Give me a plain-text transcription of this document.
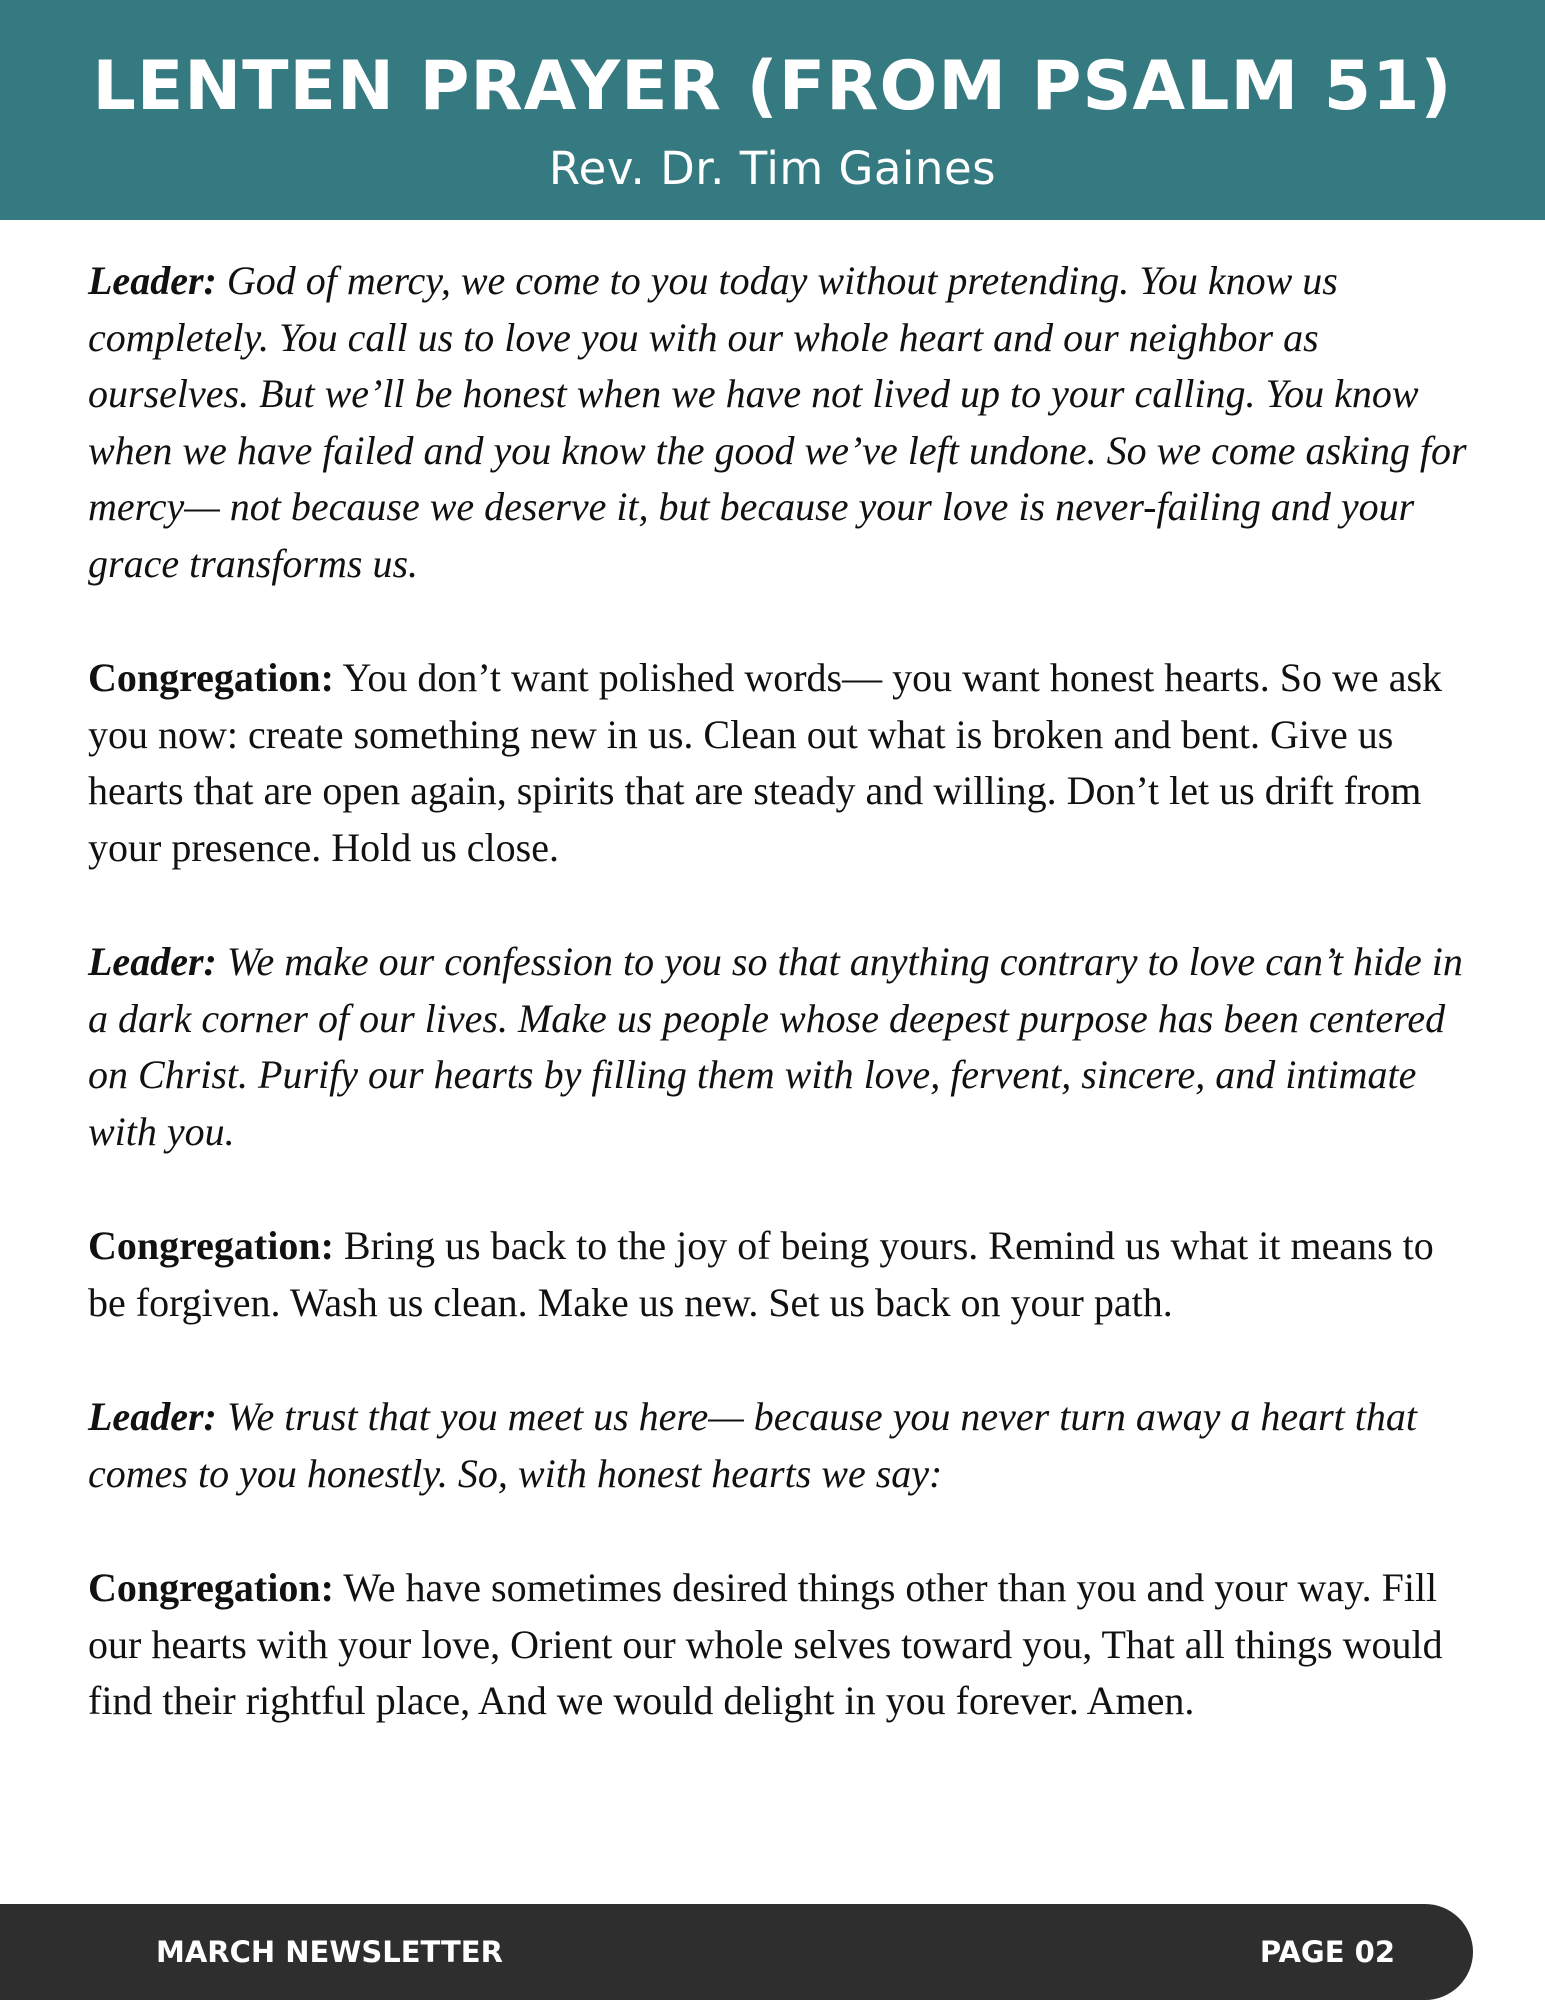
LENTEN PRAYER (FROM PSALM 51)
Rev. Dr. Tim Gaines

Leader: God of mercy, we come to you today without pretending. You know us completely. You call us to love you with our whole heart and our neighbor as ourselves. But we’ll be honest when we have not lived up to your calling. You know when we have failed and you know the good we’ve left undone. So we come asking for mercy— not because we deserve it, but because your love is never-failing and your grace transforms us.

Congregation: You don’t want polished words— you want honest hearts. So we ask you now: create something new in us. Clean out what is broken and bent. Give us hearts that are open again, spirits that are steady and willing. Don’t let us drift from your presence. Hold us close.

Leader: We make our confession to you so that anything contrary to love can’t hide in a dark corner of our lives. Make us people whose deepest purpose has been centered on Christ. Purify our hearts by filling them with love, fervent, sincere, and intimate with you.

Congregation: Bring us back to the joy of being yours. Remind us what it means to be forgiven. Wash us clean. Make us new. Set us back on your path.

Leader: We trust that you meet us here— because you never turn away a heart that comes to you honestly. So, with honest hearts we say:

Congregation: We have sometimes desired things other than you and your way. Fill our hearts with your love, Orient our whole selves toward you, That all things would find their rightful place, And we would delight in you forever. Amen.

MARCH NEWSLETTER	PAGE 02
